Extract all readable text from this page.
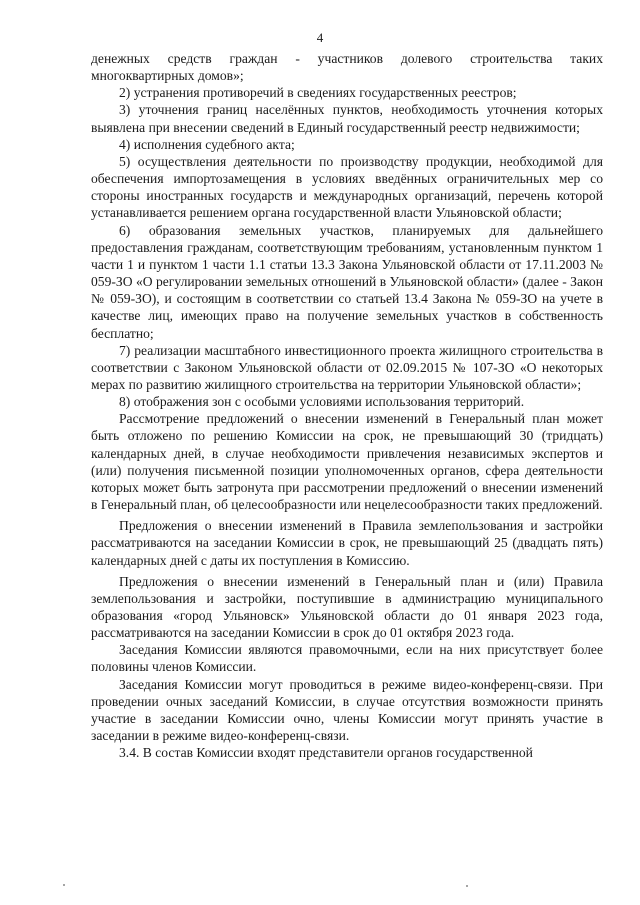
4

денежных средств граждан - участников долевого строительства таких многоквартирных домов»;

2) устранения противоречий в сведениях государственных реестров;

3) уточнения границ населённых пунктов, необходимость уточнения которых выявлена при внесении сведений в Единый государственный реестр недвижимости;

4) исполнения судебного акта;

5) осуществления деятельности по производству продукции, необходимой для обеспечения импортозамещения в условиях введённых ограничительных мер со стороны иностранных государств и международных организаций, перечень которой устанавливается решением органа государственной власти Ульяновской области;

6) образования земельных участков, планируемых для дальнейшего предоставления гражданам, соответствующим требованиям, установленным пунктом 1 части 1 и пунктом 1 части 1.1 статьи 13.3 Закона Ульяновской области от 17.11.2003 № 059-ЗО «О регулировании земельных отношений в Ульяновской области» (далее - Закон № 059-ЗО), и состоящим в соответствии со статьей 13.4 Закона № 059-ЗО на учете в качестве лиц, имеющих право на получение земельных участков в собственность бесплатно;

7) реализации масштабного инвестиционного проекта жилищного строительства в соответствии с Законом Ульяновской области от 02.09.2015 № 107-ЗО «О некоторых мерах по развитию жилищного строительства на территории Ульяновской области»;

8) отображения зон с особыми условиями использования территорий.

Рассмотрение предложений о внесении изменений в Генеральный план может быть отложено по решению Комиссии на срок, не превышающий 30 (тридцать) календарных дней, в случае необходимости привлечения независимых экспертов и (или) получения письменной позиции уполномоченных органов, сфера деятельности которых может быть затронута при рассмотрении предложений о внесении изменений в Генеральный план, об целесообразности или нецелесообразности таких предложений.

Предложения о внесении изменений в Правила землепользования и застройки рассматриваются на заседании Комиссии в срок, не превышающий 25 (двадцать пять) календарных дней с даты их поступления в Комиссию.

Предложения о внесении изменений в Генеральный план и (или) Правила землепользования и застройки, поступившие в администрацию муниципального образования «город Ульяновск» Ульяновской области до 01 января 2023 года, рассматриваются на заседании Комиссии в срок до 01 октября 2023 года.

Заседания Комиссии являются правомочными, если на них присутствует более половины членов Комиссии.

Заседания Комиссии могут проводиться в режиме видео-конференц-связи. При проведении очных заседаний Комиссии, в случае отсутствия возможности принять участие в заседании Комиссии очно, члены Комиссии могут принять участие в заседании в режиме видео-конференц-связи.

3.4. В состав Комиссии входят представители органов государственной
